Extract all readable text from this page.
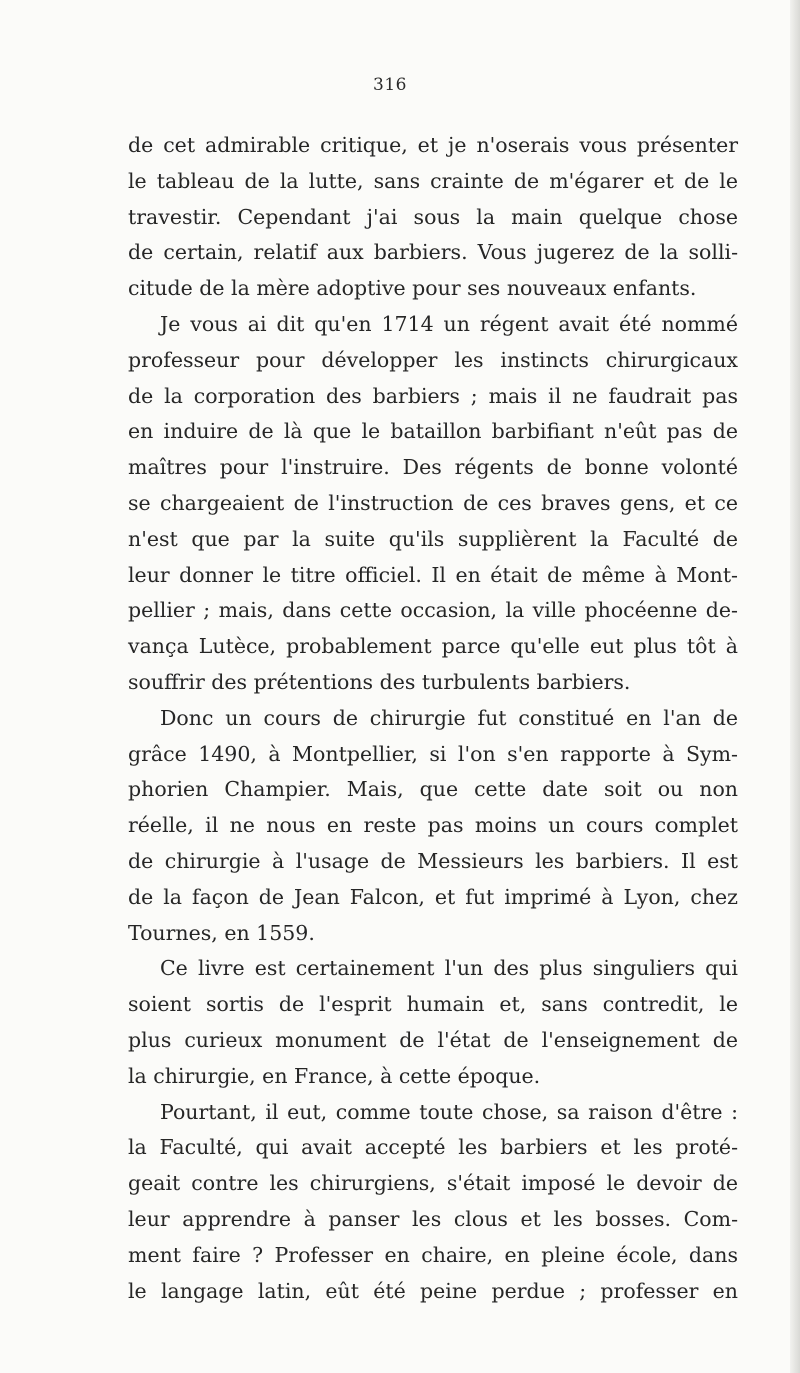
316
de cet admirable critique, et je n'oserais vous présenter
le tableau de la lutte, sans crainte de m'égarer et de le
travestir. Cependant j'ai sous la main quelque chose
de certain, relatif aux barbiers. Vous jugerez de la solli-
citude de la mère adoptive pour ses nouveaux enfants.
Je vous ai dit qu'en 1714 un régent avait été nommé
professeur pour développer les instincts chirurgicaux
de la corporation des barbiers ; mais il ne faudrait pas
en induire de là que le bataillon barbifiant n'eût pas de
maîtres pour l'instruire. Des régents de bonne volonté
se chargeaient de l'instruction de ces braves gens, et ce
n'est que par la suite qu'ils supplièrent la Faculté de
leur donner le titre officiel. Il en était de même à Mont-
pellier ; mais, dans cette occasion, la ville phocéenne de-
vança Lutèce, probablement parce qu'elle eut plus tôt à
souffrir des prétentions des turbulents barbiers.
Donc un cours de chirurgie fut constitué en l'an de
grâce 1490, à Montpellier, si l'on s'en rapporte à Sym-
phorien Champier. Mais, que cette date soit ou non
réelle, il ne nous en reste pas moins un cours complet
de chirurgie à l'usage de Messieurs les barbiers. Il est
de la façon de Jean Falcon, et fut imprimé à Lyon, chez
Tournes, en 1559.
Ce livre est certainement l'un des plus singuliers qui
soient sortis de l'esprit humain et, sans contredit, le
plus curieux monument de l'état de l'enseignement de
la chirurgie, en France, à cette époque.
Pourtant, il eut, comme toute chose, sa raison d'être :
la Faculté, qui avait accepté les barbiers et les proté-
geait contre les chirurgiens, s'était imposé le devoir de
leur apprendre à panser les clous et les bosses. Com-
ment faire ? Professer en chaire, en pleine école, dans
le langage latin, eût été peine perdue ; professer en
